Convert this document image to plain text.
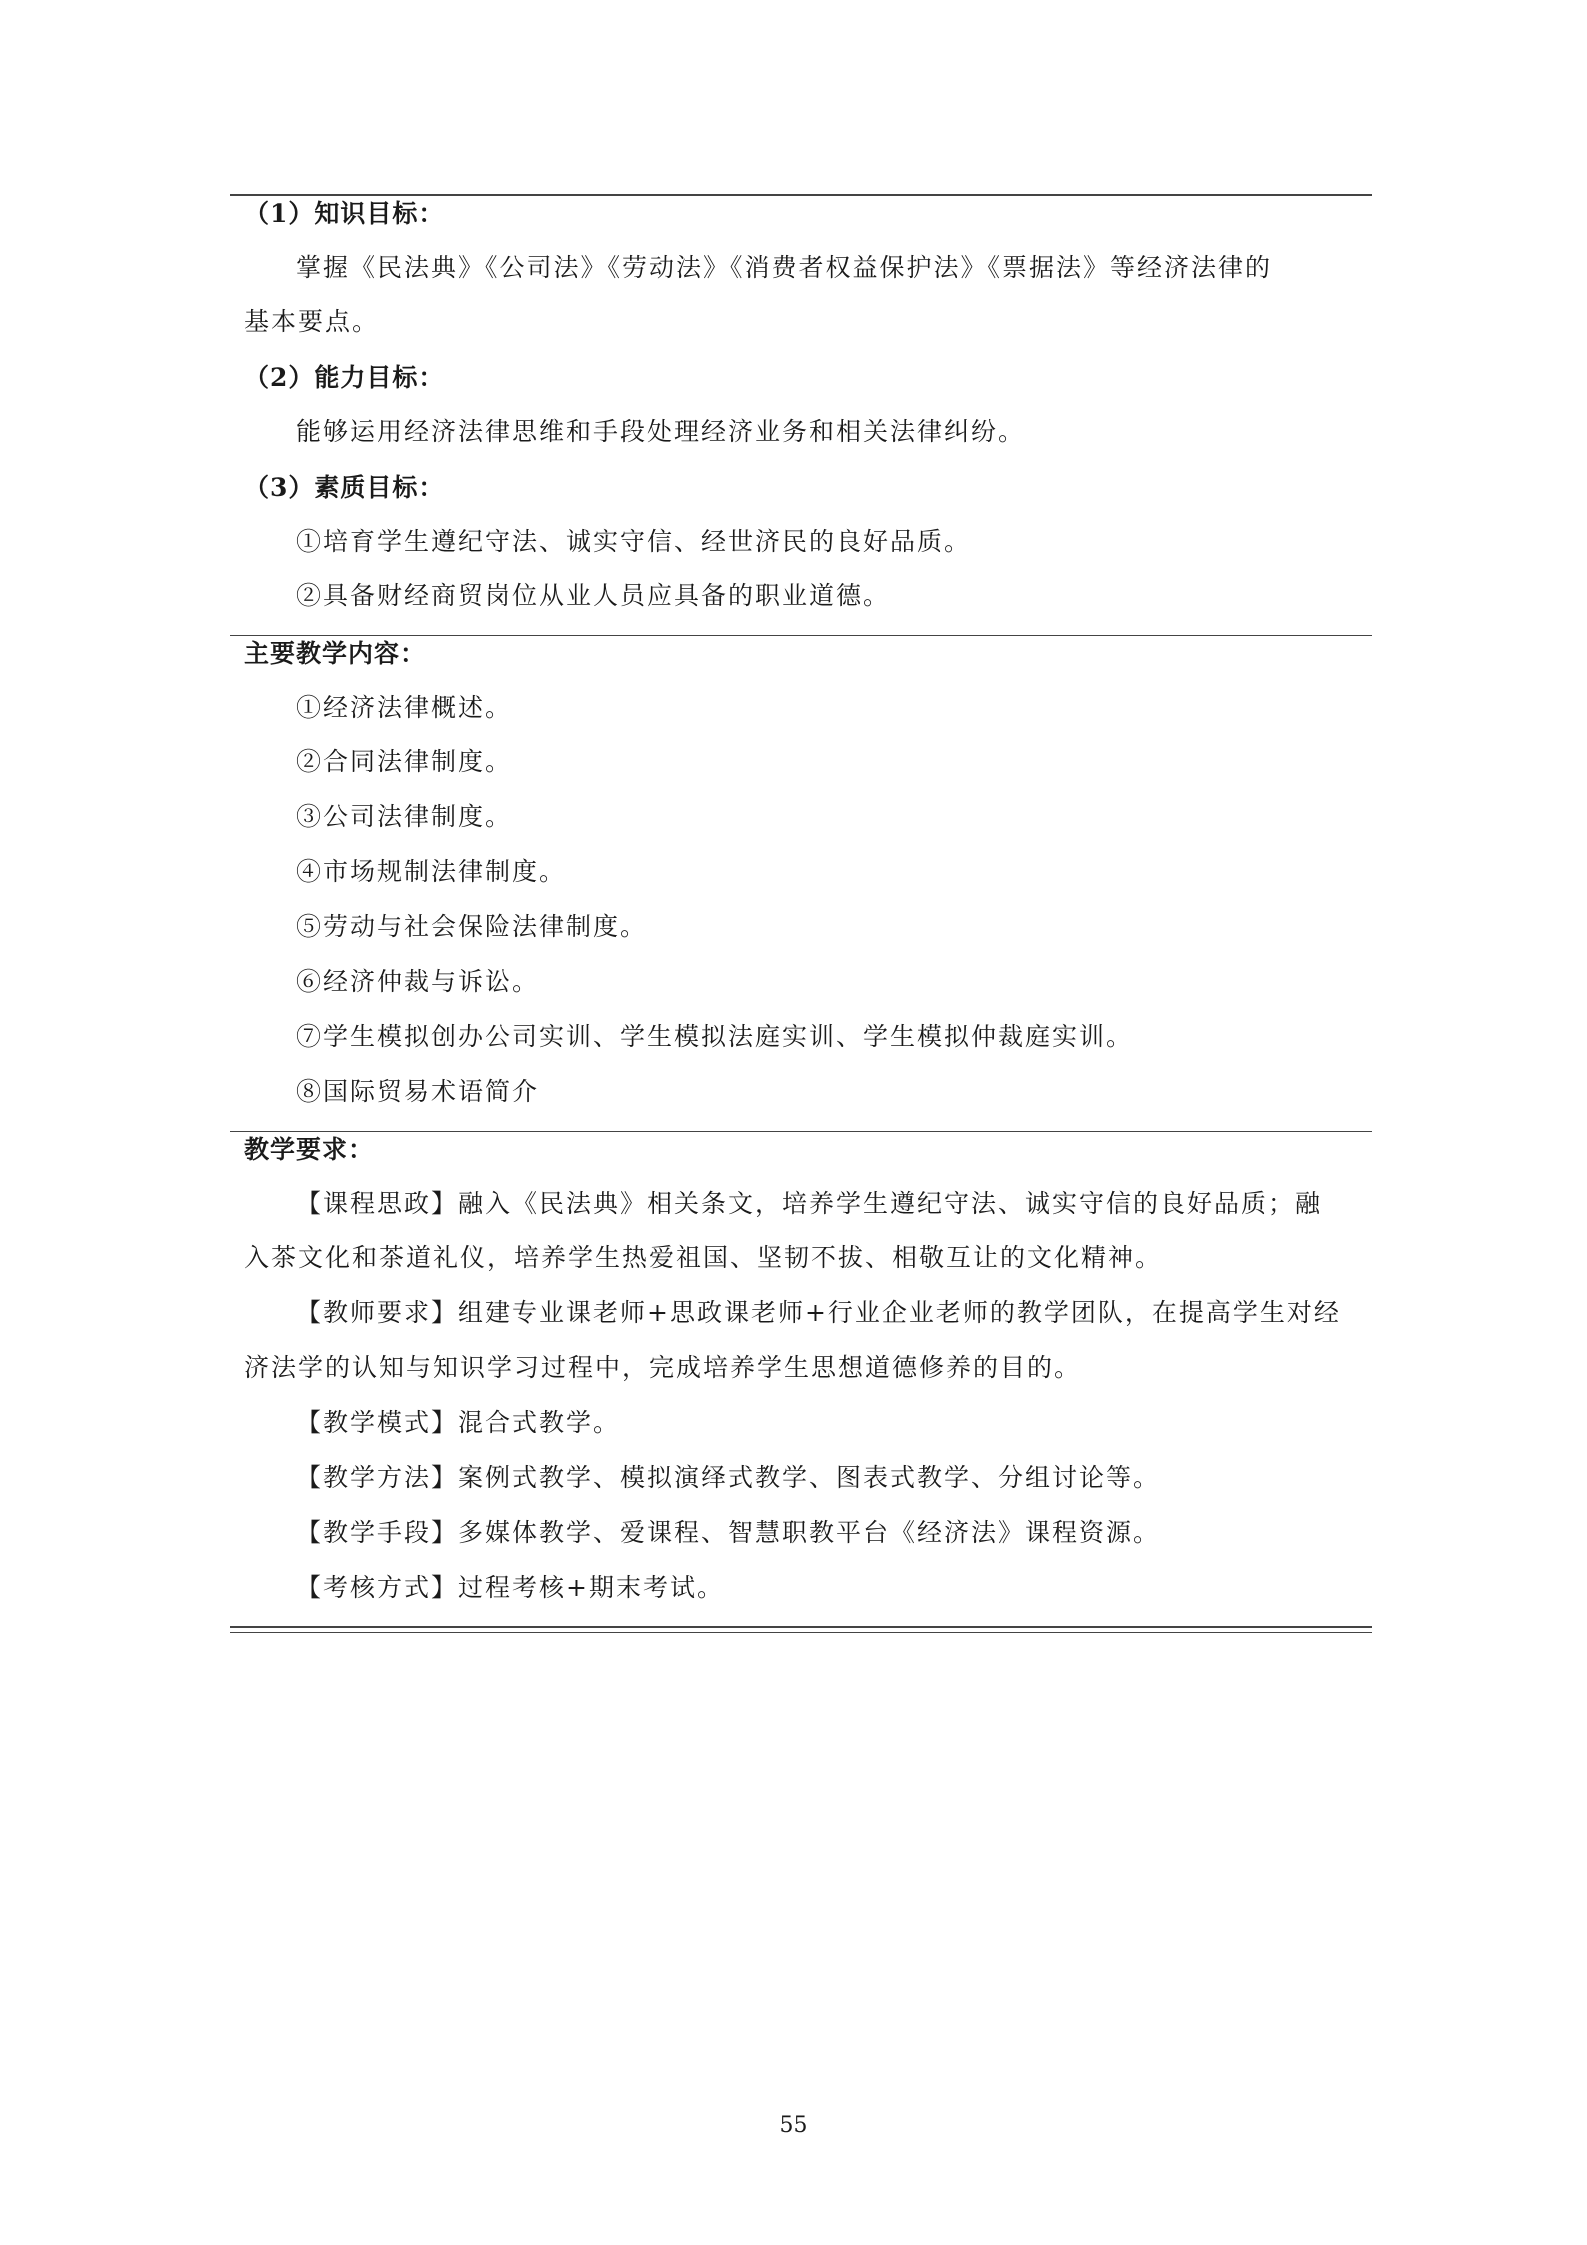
（1）知识目标：
掌握《民法典》《公司法》《劳动法》《消费者权益保护法》《票据法》等经济法律的
基本要点。
（2）能力目标：
能够运用经济法律思维和手段处理经济业务和相关法律纠纷。
（3）素质目标：
①培育学生遵纪守法、诚实守信、经世济民的良好品质。
②具备财经商贸岗位从业人员应具备的职业道德。
主要教学内容：
①经济法律概述。
②合同法律制度。
③公司法律制度。
④市场规制法律制度。
⑤劳动与社会保险法律制度。
⑥经济仲裁与诉讼。
⑦学生模拟创办公司实训、学生模拟法庭实训、学生模拟仲裁庭实训。
⑧国际贸易术语简介
教学要求：
【课程思政】融入《民法典》相关条文，培养学生遵纪守法、诚实守信的良好品质；融
入茶文化和茶道礼仪，培养学生热爱祖国、坚韧不拔、相敬互让的文化精神。
【教师要求】组建专业课老师+思政课老师+行业企业老师的教学团队，在提高学生对经
济法学的认知与知识学习过程中，完成培养学生思想道德修养的目的。
【教学模式】混合式教学。
【教学方法】案例式教学、模拟演绎式教学、图表式教学、分组讨论等。
【教学手段】多媒体教学、爱课程、智慧职教平台《经济法》课程资源。
【考核方式】过程考核+期末考试。
55
